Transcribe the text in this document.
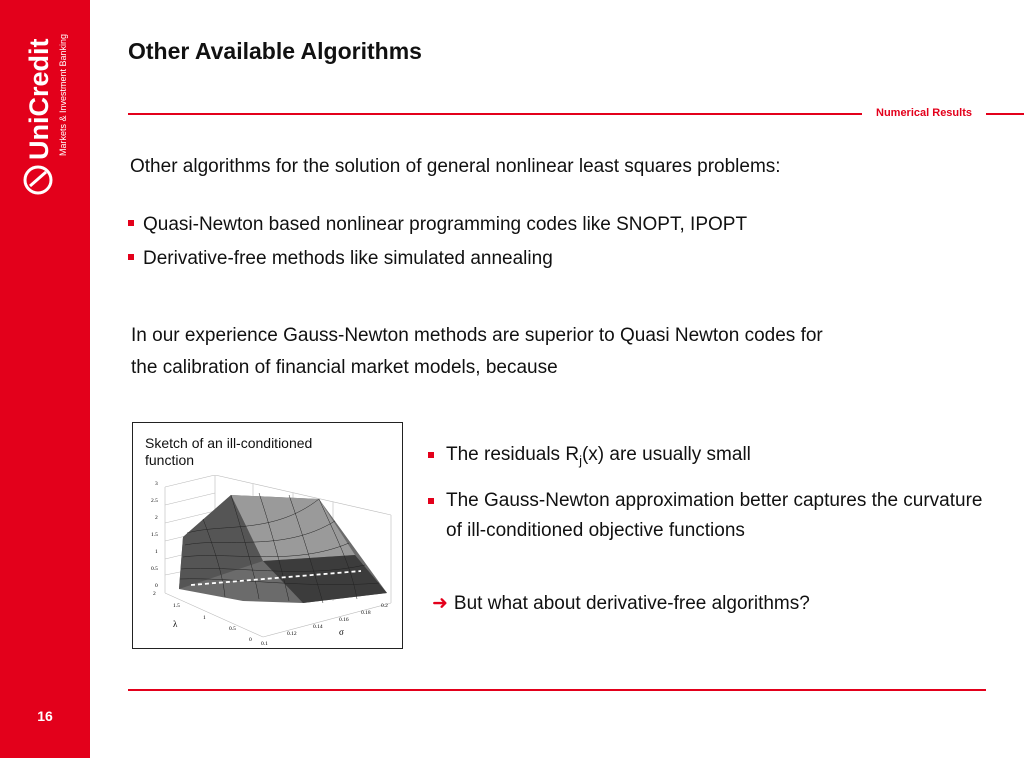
UniCredit Markets & Investment Banking
16
Other Available Algorithms
Numerical Results
Other algorithms for the solution of general nonlinear least squares problems:
Quasi-Newton based nonlinear programming codes like SNOPT, IPOPT
Derivative-free methods like simulated annealing
In our experience Gauss-Newton methods are superior to Quasi Newton codes for the calibration of financial market models, because
Sketch of an ill-conditioned function
3
2.5
2
1.5
1
0.5
0
2
1.5
1
0.5
0
0.1
0.12
0.14
0.16
0.18
0.2
λ
σ
The residuals $R_j(x)$ are usually small
The Gauss-Newton approximation better captures the curvature of ill-conditioned objective functions
➜ But what about derivative-free algorithms?
